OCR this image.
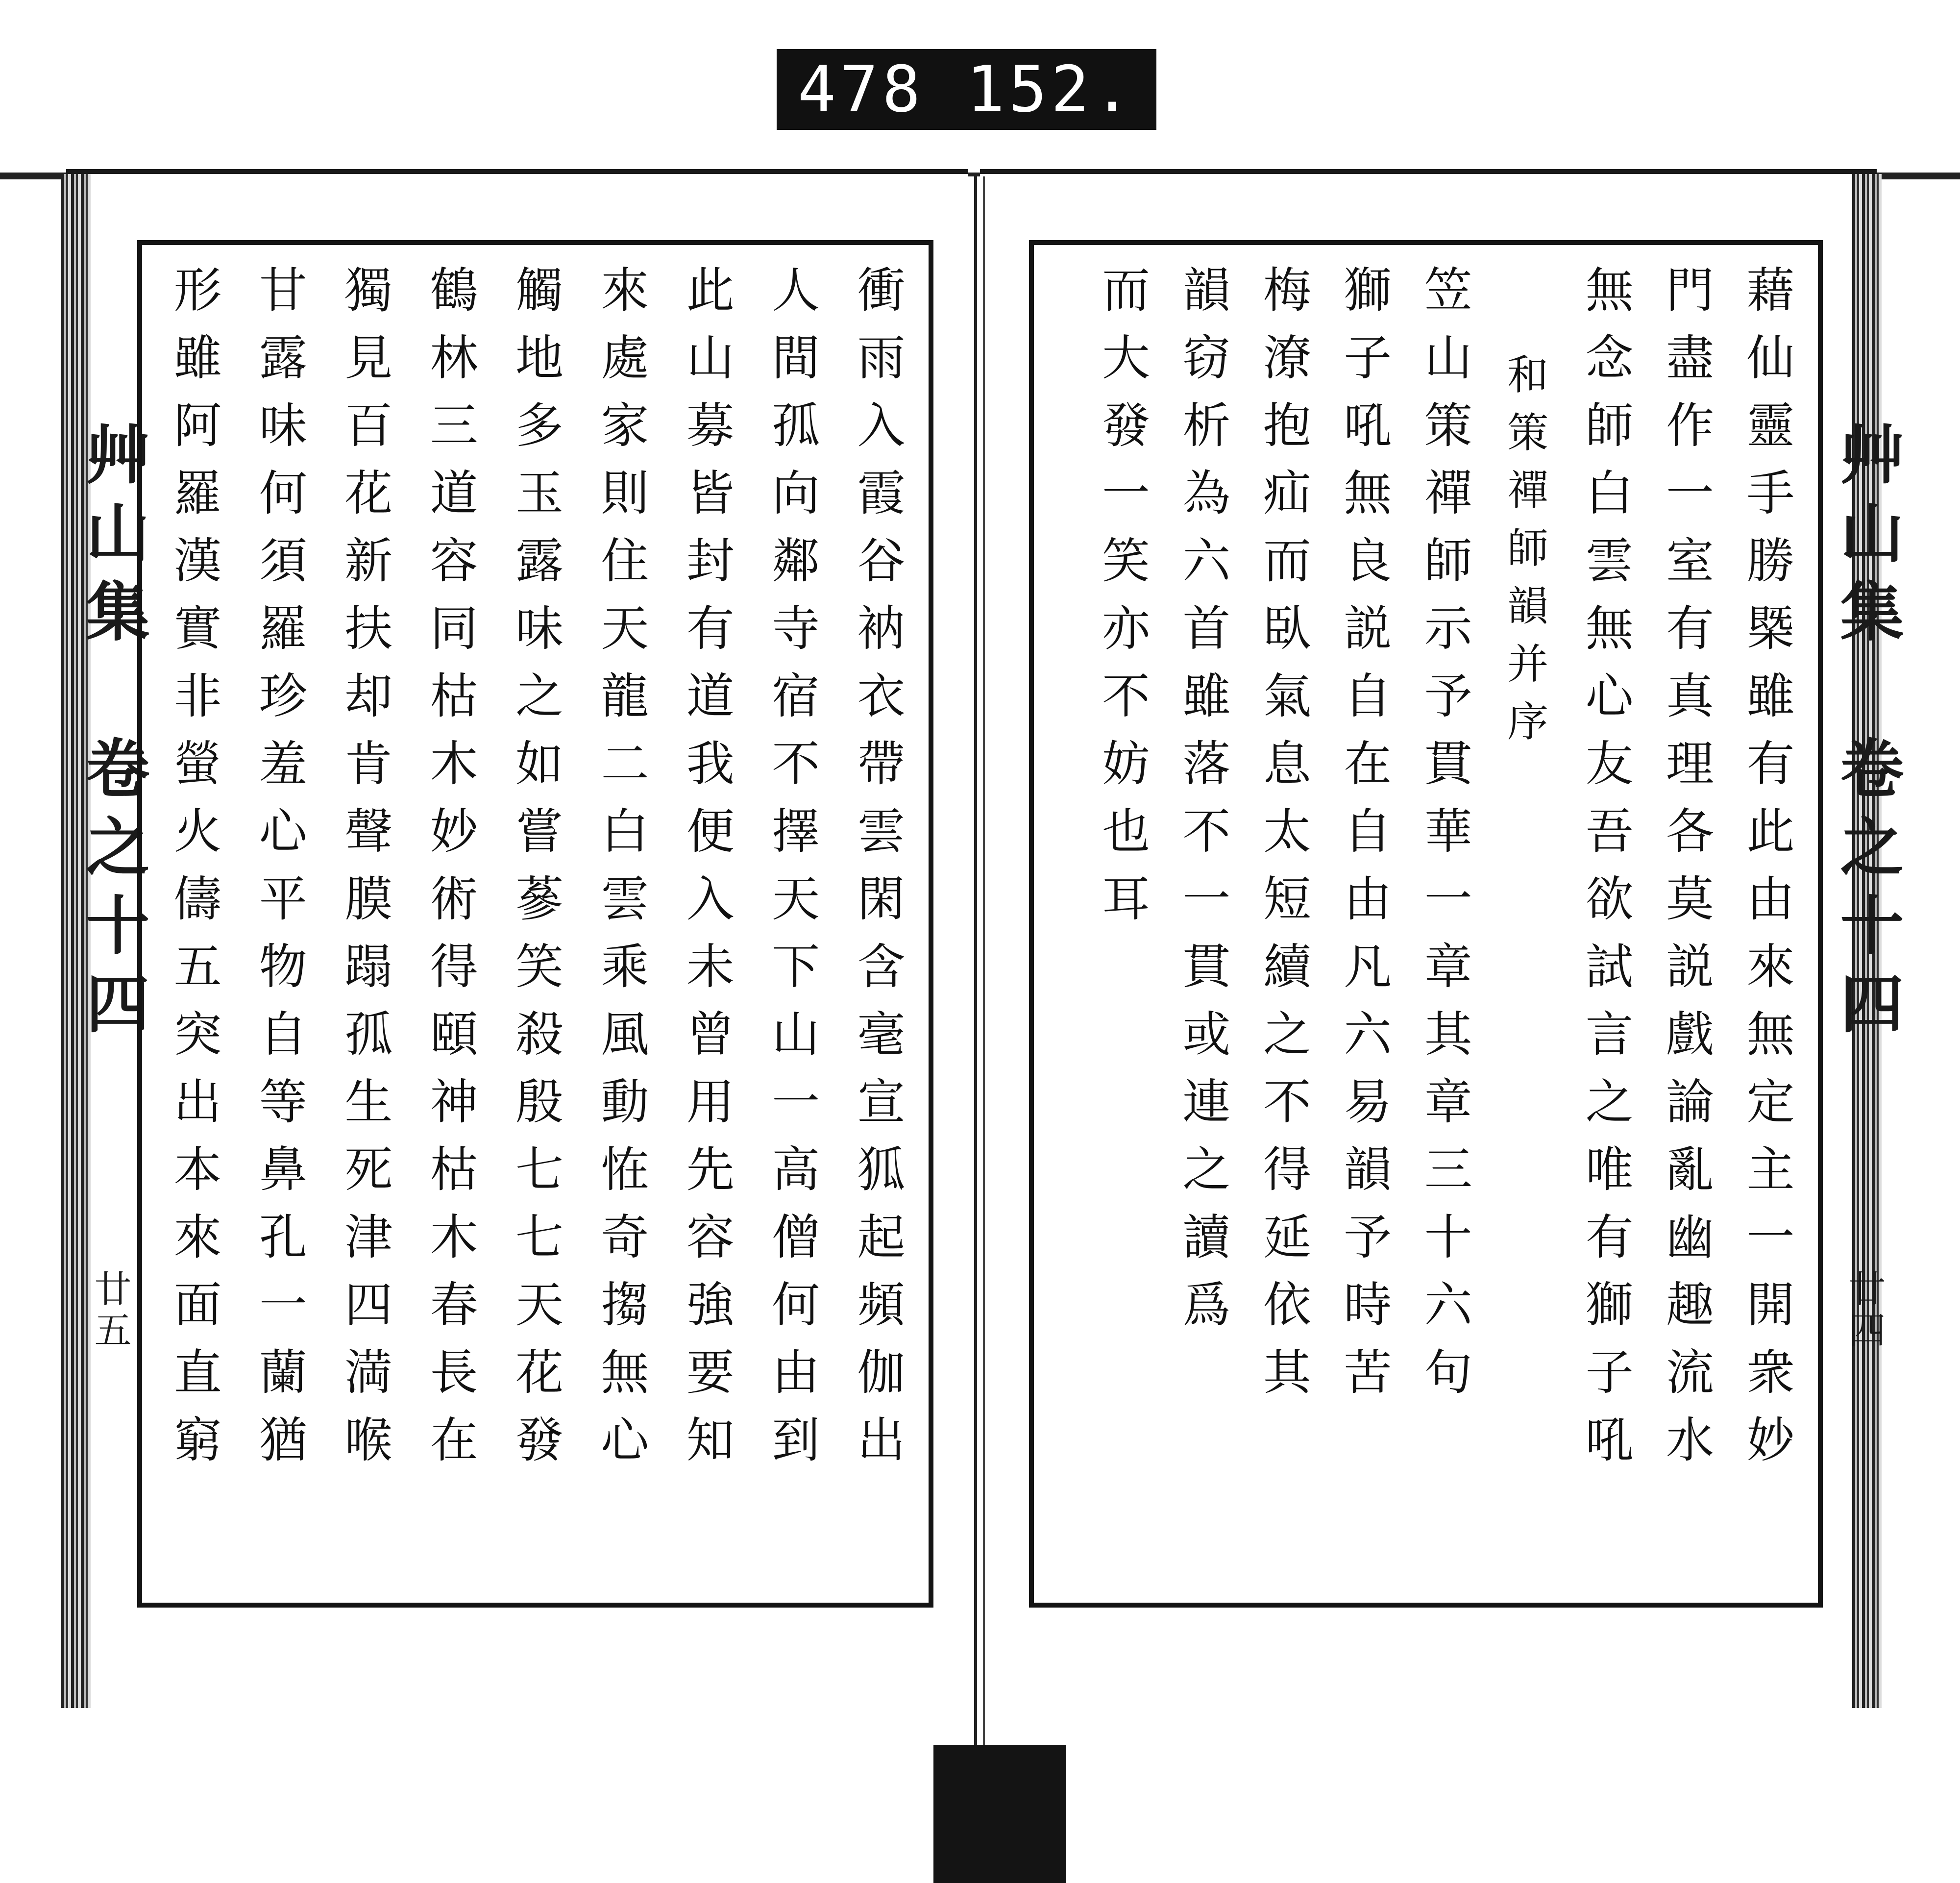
478 152.
艸山集　卷之十四
廿五
艸山集　卷之十四
廿四
衝雨入霞谷衲衣帶雲閑含毫宣狐起頻伽出
人間孤向鄰寺宿不擇天下山一高僧何由到
此山募皆封有道我便入未曾用先容強要知
來處家則住天龍二白雲乘風動恠奇搊無心
觸地多玉露味之如嘗蔘笑殺殷七七天花發
鶴林三道容同枯木妙術得頤神枯木春長在
獨見百花新扶却肯聲膜蹋孤生死津四満喉
甘露味何須羅珍羞心平物自等鼻孔一蘭猶
形雖阿羅漢實非螢火儔五突出本來面直窮	藉仙靈手勝槩雖有此由來無定主一開衆妙
門盡作一室有真理各莫説戲論亂幽趣流水
無念師白雲無心友吾欲試言之唯有獅子吼
和策禪師韻并序
笠山策禪師示予貫華一章其章三十六句
獅子吼無良説自在自由凡六易韻予時苦
梅潦抱疝而臥氣息太短續之不得延依其
韻窃析為六首雖落不一貫或連之讀爲
而大發一笑亦不妨也耳
